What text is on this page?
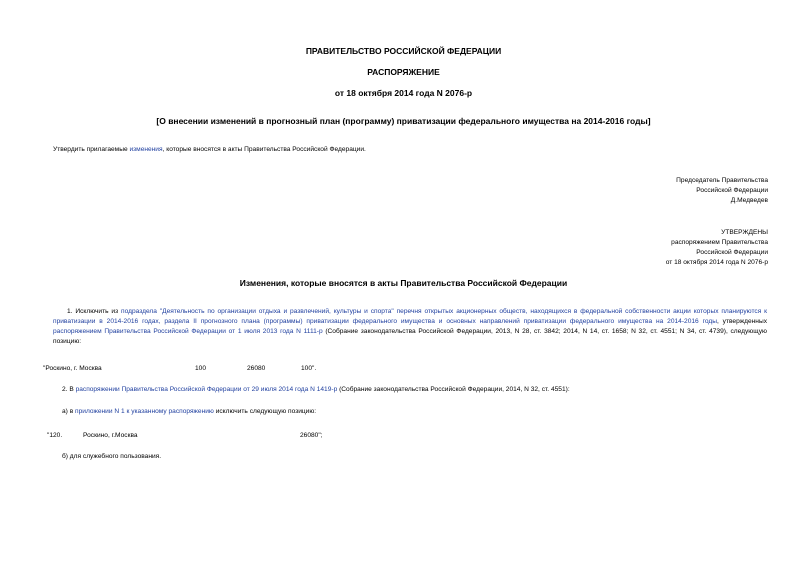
ПРАВИТЕЛЬСТВО РОССИЙСКОЙ ФЕДЕРАЦИИ
РАСПОРЯЖЕНИЕ
от 18 октября 2014 года N 2076-р
[О внесении изменений в прогнозный план (программу) приватизации федерального имущества на 2014-2016 годы]
Утвердить прилагаемые изменения, которые вносятся в акты Правительства Российской Федерации.
Председатель Правительства
Российской Федерации
Д.Медведев
УТВЕРЖДЕНЫ
распоряжением Правительства
Российской Федерации
от 18 октября 2014 года N 2076-р
Изменения, которые вносятся в акты Правительства Российской Федерации
1. Исключить из подраздела "Деятельность по организации отдыха и развлечений, культуры и спорта" перечня открытых акционерных обществ, находящихся в федеральной собственности акции которых планируются к приватизации в 2014-2016 годах, раздела II прогнозного плана (программы) приватизации федерального имущества и основных направлений приватизации федерального имущества на 2014-2016 годы, утвержденных распоряжением Правительства Российской Федерации от 1 июля 2013 года N 1111-р (Собрание законодательства Российской Федерации, 2013, N 28, ст. 3842; 2014, N 14, ст. 1658; N 32, ст. 4551; N 34, ст. 4739), следующую позицию:
"Роскино, г. Москва	100	26080	100".
2. В распоряжении Правительства Российской Федерации от 29 июля 2014 года N 1419-р (Собрание законодательства Российской Федерации, 2014, N 32, ст. 4551):
а) в приложении N 1 к указанному распоряжению исключить следующую позицию:
"120.	Роскино, г.Москва	26080";
б) для служебного пользования.
